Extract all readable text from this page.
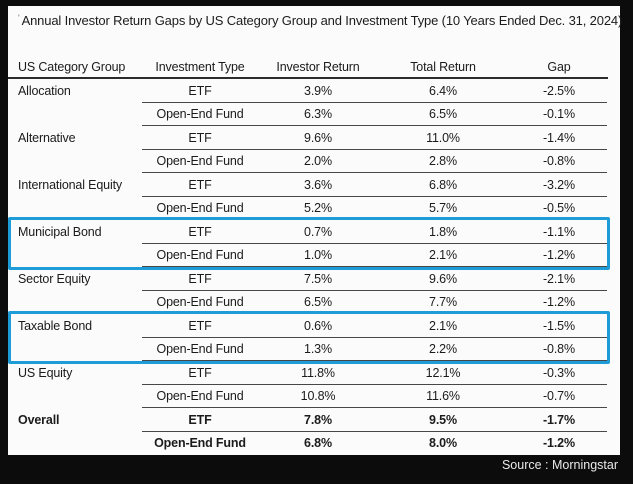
' Annual Investor Return Gaps by US Category Group and Investment Type (10 Years Ended Dec. 31, 2024)
US Category Group	Investment Type	Investor Return	Total Return	Gap
Allocation	ETF	3.9%	6.4%	-2.5%
Open-End Fund	6.3%	6.5%	-0.1%
Alternative	ETF	9.6%	11.0%	-1.4%
Open-End Fund	2.0%	2.8%	-0.8%
International Equity	ETF	3.6%	6.8%	-3.2%
Open-End Fund	5.2%	5.7%	-0.5%
Municipal Bond	ETF	0.7%	1.8%	-1.1%
Open-End Fund	1.0%	2.1%	-1.2%
Sector Equity	ETF	7.5%	9.6%	-2.1%
Open-End Fund	6.5%	7.7%	-1.2%
Taxable Bond	ETF	0.6%	2.1%	-1.5%
Open-End Fund	1.3%	2.2%	-0.8%
US Equity	ETF	11.8%	12.1%	-0.3%
Open-End Fund	10.8%	11.6%	-0.7%
Overall	ETF	7.8%	9.5%	-1.7%
Open-End Fund	6.8%	8.0%	-1.2%
Source : Morningstar
